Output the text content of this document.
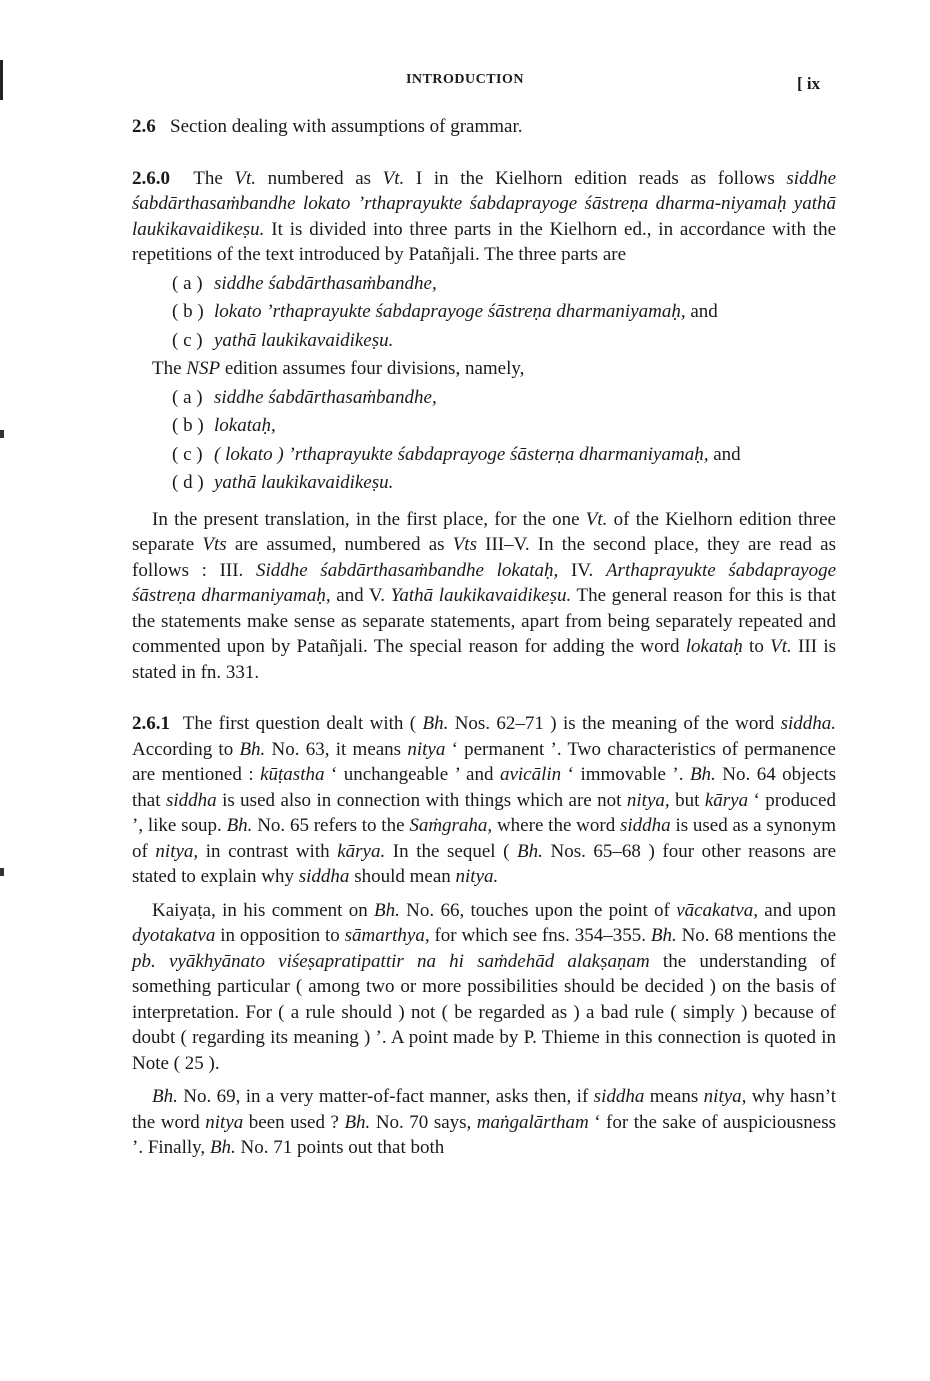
INTRODUCTION	[ ix

2.6 Section dealing with assumptions of grammar.

2.6.0 The Vt. numbered as Vt. I in the Kielhorn edition reads as follows siddhe śabdārthasaṁbandhe lokato ’rthaprayukte śabdaprayoge śāstreṇa dharma-niyamaḥ yathā laukikavaidikeṣu. It is divided into three parts in the Kielhorn ed., in accordance with the repetitions of the text introduced by Patañjali. The three parts are

( a ) siddhe śabdārthasaṁbandhe,
( b ) lokato ’rthaprayukte śabdaprayoge śāstreṇa dharmaniyamaḥ, and
( c ) yathā laukikavaidikeṣu.

The NSP edition assumes four divisions, namely,

( a ) siddhe śabdārthasaṁbandhe,
( b ) lokataḥ,
( c ) ( lokato ) ’rthaprayukte śabdaprayoge śāsterṇa dharmaniyamaḥ, and
( d ) yathā laukikavaidikeṣu.

In the present translation, in the first place, for the one Vt. of the Kielhorn edition three separate Vts are assumed, numbered as Vts III–V. In the second place, they are read as follows : III. Siddhe śabdārthasaṁbandhe lokataḥ, IV. Arthaprayukte śabdaprayoge śāstreṇa dharmaniyamaḥ, and V. Yathā laukikavaidikeṣu. The general reason for this is that the statements make sense as separate statements, apart from being separately repeated and commented upon by Patañjali. The special reason for adding the word lokataḥ to Vt. III is stated in fn. 331.

2.6.1 The first question dealt with ( Bh. Nos. 62–71 ) is the meaning of the word siddha. According to Bh. No. 63, it means nitya ‘ permanent ’. Two characteristics of permanence are mentioned : kūṭastha ‘ unchangeable ’ and avicālin ‘ immovable ’. Bh. No. 64 objects that siddha is used also in connection with things which are not nitya, but kārya ‘ produced ’, like soup. Bh. No. 65 refers to the Saṁgraha, where the word siddha is used as a synonym of nitya, in contrast with kārya. In the sequel ( Bh. Nos. 65–68 ) four other reasons are stated to explain why siddha should mean nitya.

Kaiyaṭa, in his comment on Bh. No. 66, touches upon the point of vācakatva, and upon dyotakatva in opposition to sāmarthya, for which see fns. 354–355. Bh. No. 68 mentions the pb. vyākhyānato viśeṣapratipattir na hi saṁdehād alakṣaṇam the understanding of something particular ( among two or more possibilities should be decided ) on the basis of interpretation. For ( a rule should ) not ( be regarded as ) a bad rule ( simply ) because of doubt ( regarding its meaning ) ’. A point made by P. Thieme in this connection is quoted in Note ( 25 ).

Bh. No. 69, in a very matter-of-fact manner, asks then, if siddha means nitya, why hasn’t the word nitya been used ? Bh. No. 70 says, maṅgalārtham ‘ for the sake of auspiciousness ’. Finally, Bh. No. 71 points out that both
